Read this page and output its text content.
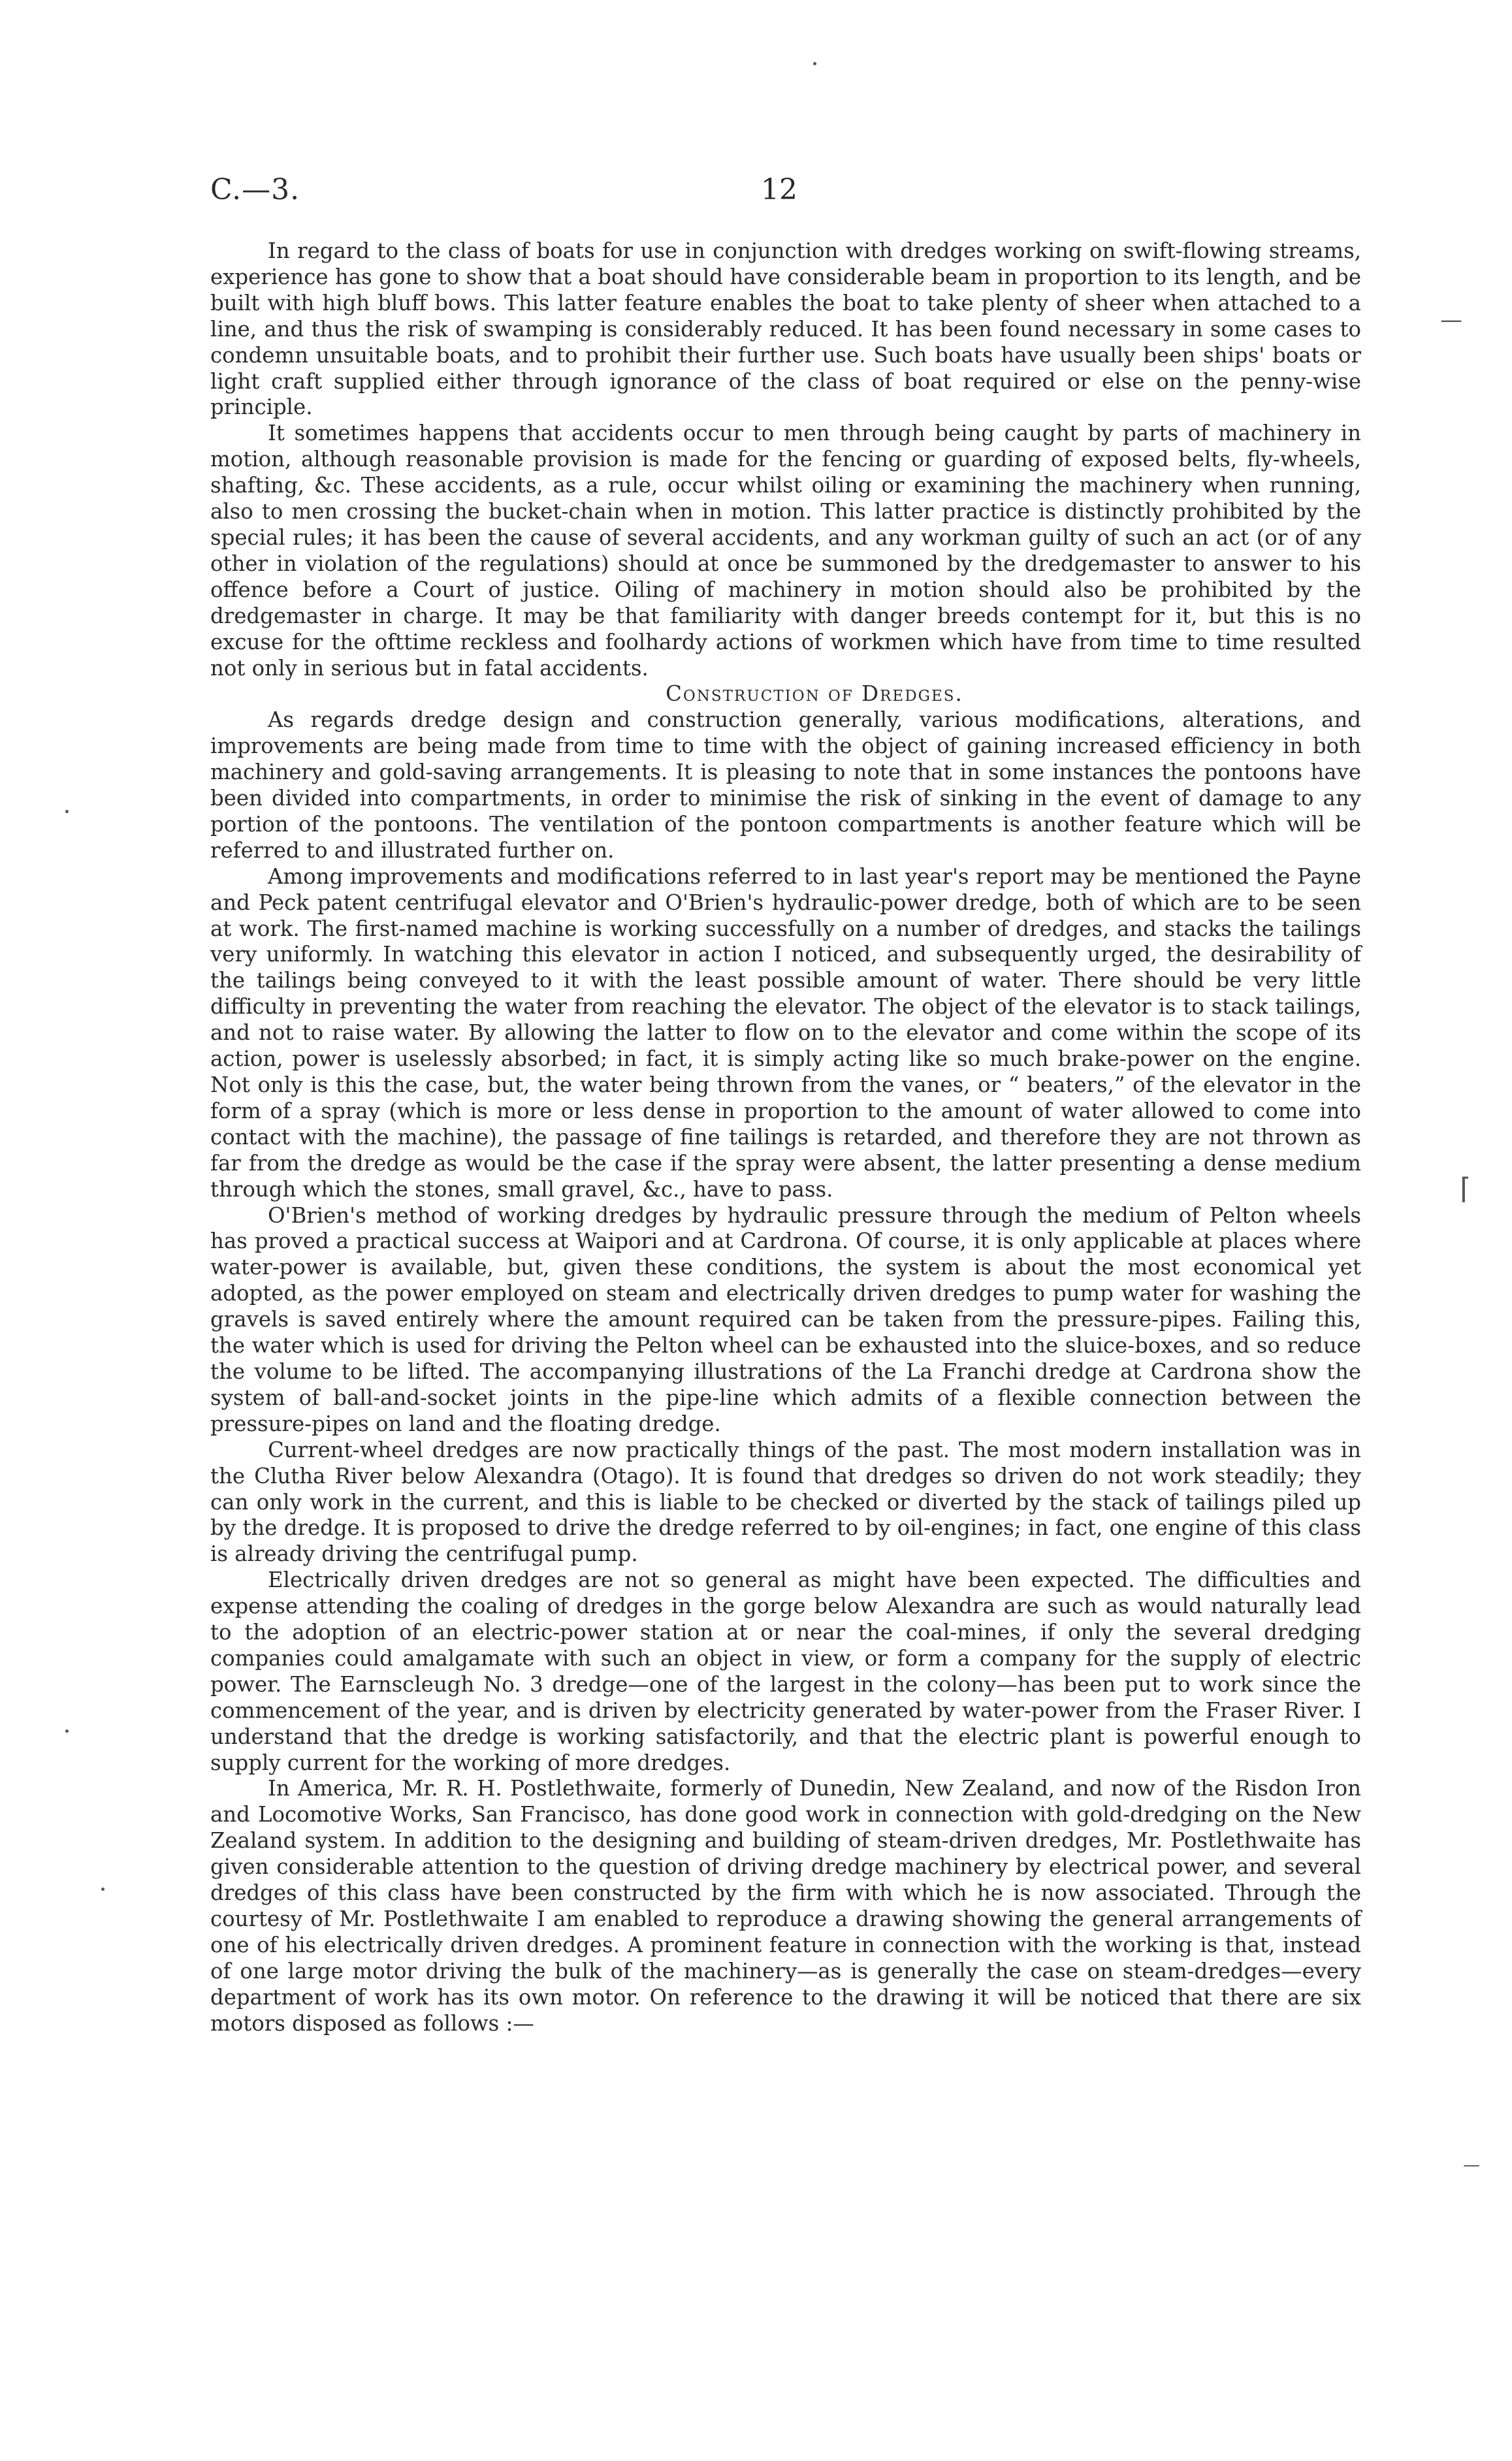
C.—3.	12

In regard to the class of boats for use in conjunction with dredges working on swift-flowing streams, experience has gone to show that a boat should have considerable beam in proportion to its length, and be built with high bluff bows. This latter feature enables the boat to take plenty of sheer when attached to a line, and thus the risk of swamping is considerably reduced. It has been found necessary in some cases to condemn unsuitable boats, and to prohibit their further use. Such boats have usually been ships' boats or light craft supplied either through ignorance of the class of boat required or else on the penny-wise principle.

It sometimes happens that accidents occur to men through being caught by parts of machinery in motion, although reasonable provision is made for the fencing or guarding of exposed belts, fly-wheels, shafting, &c. These accidents, as a rule, occur whilst oiling or examining the machinery when running, also to men crossing the bucket-chain when in motion. This latter practice is distinctly prohibited by the special rules; it has been the cause of several accidents, and any workman guilty of such an act (or of any other in violation of the regulations) should at once be summoned by the dredgemaster to answer to his offence before a Court of justice. Oiling of machinery in motion should also be prohibited by the dredgemaster in charge. It may be that familiarity with danger breeds contempt for it, but this is no excuse for the ofttime reckless and foolhardy actions of workmen which have from time to time resulted not only in serious but in fatal accidents.

Construction of Dredges.

As regards dredge design and construction generally, various modifications, alterations, and improvements are being made from time to time with the object of gaining increased efficiency in both machinery and gold-saving arrangements. It is pleasing to note that in some instances the pontoons have been divided into compartments, in order to minimise the risk of sinking in the event of damage to any portion of the pontoons. The ventilation of the pontoon compartments is another feature which will be referred to and illustrated further on.

Among improvements and modifications referred to in last year's report may be mentioned the Payne and Peck patent centrifugal elevator and O'Brien's hydraulic-power dredge, both of which are to be seen at work. The first-named machine is working successfully on a number of dredges, and stacks the tailings very uniformly. In watching this elevator in action I noticed, and subsequently urged, the desirability of the tailings being conveyed to it with the least possible amount of water. There should be very little difficulty in preventing the water from reaching the elevator. The object of the elevator is to stack tailings, and not to raise water. By allowing the latter to flow on to the elevator and come within the scope of its action, power is uselessly absorbed; in fact, it is simply acting like so much brake-power on the engine. Not only is this the case, but, the water being thrown from the vanes, or “ beaters,” of the elevator in the form of a spray (which is more or less dense in proportion to the amount of water allowed to come into contact with the machine), the passage of fine tailings is retarded, and therefore they are not thrown as far from the dredge as would be the case if the spray were absent, the latter presenting a dense medium through which the stones, small gravel, &c., have to pass.

O'Brien's method of working dredges by hydraulic pressure through the medium of Pelton wheels has proved a practical success at Waipori and at Cardrona. Of course, it is only applicable at places where water-power is available, but, given these conditions, the system is about the most economical yet adopted, as the power employed on steam and electrically driven dredges to pump water for washing the gravels is saved entirely where the amount required can be taken from the pressure-pipes. Failing this, the water which is used for driving the Pelton wheel can be exhausted into the sluice-boxes, and so reduce the volume to be lifted. The accompanying illustrations of the La Franchi dredge at Cardrona show the system of ball-and-socket joints in the pipe-line which admits of a flexible connection between the pressure-pipes on land and the floating dredge.

Current-wheel dredges are now practically things of the past. The most modern installation was in the Clutha River below Alexandra (Otago). It is found that dredges so driven do not work steadily; they can only work in the current, and this is liable to be checked or diverted by the stack of tailings piled up by the dredge. It is proposed to drive the dredge referred to by oil-engines; in fact, one engine of this class is already driving the centrifugal pump.

Electrically driven dredges are not so general as might have been expected. The difficulties and expense attending the coaling of dredges in the gorge below Alexandra are such as would naturally lead to the adoption of an electric-power station at or near the coal-mines, if only the several dredging companies could amalgamate with such an object in view, or form a company for the supply of electric power. The Earnscleugh No. 3 dredge—one of the largest in the colony—has been put to work since the commencement of the year, and is driven by electricity generated by water-power from the Fraser River. I understand that the dredge is working satisfactorily, and that the electric plant is powerful enough to supply current for the working of more dredges.

In America, Mr. R. H. Postlethwaite, formerly of Dunedin, New Zealand, and now of the Risdon Iron and Locomotive Works, San Francisco, has done good work in connection with gold-dredging on the New Zealand system. In addition to the designing and building of steam-driven dredges, Mr. Postlethwaite has given considerable attention to the question of driving dredge machinery by electrical power, and several dredges of this class have been constructed by the firm with which he is now associated. Through the courtesy of Mr. Postlethwaite I am enabled to reproduce a drawing showing the general arrangements of one of his electrically driven dredges. A prominent feature in connection with the working is that, instead of one large motor driving the bulk of the machinery—as is generally the case on steam-dredges—every department of work has its own motor. On reference to the drawing it will be noticed that there are six motors disposed as follows :—

—
⌈
—
